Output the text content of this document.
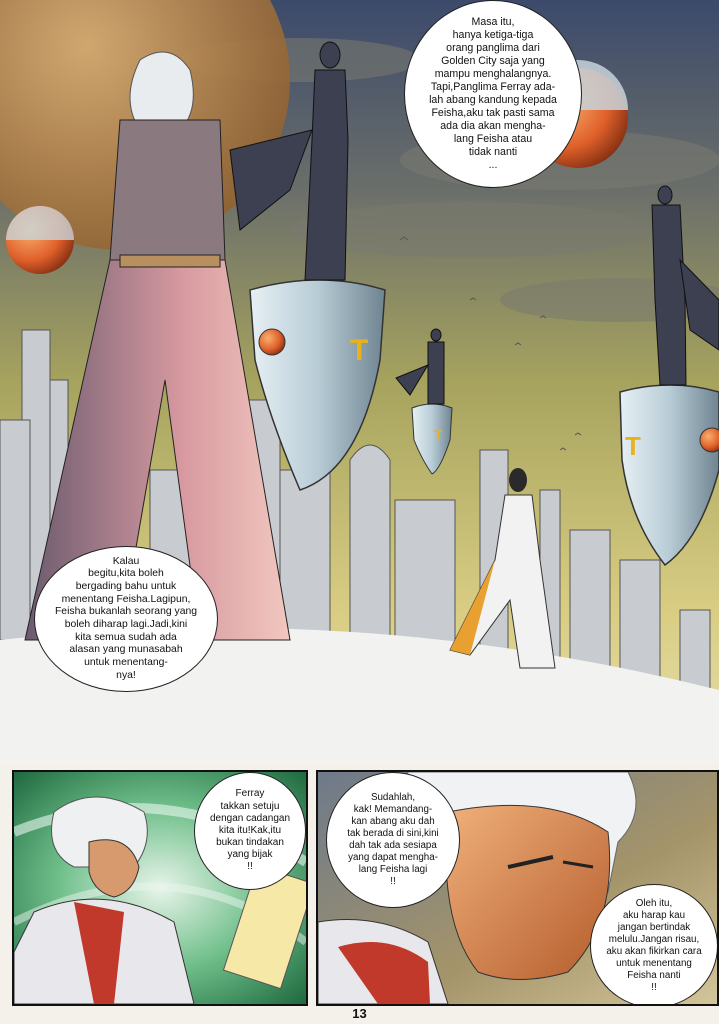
T
T	T
Masa itu,
hanya ketiga-tiga
orang panglima dari
Golden City saja yang
mampu menghalangnya.
Tapi,Panglima Ferray ada-
lah abang kandung kepada
Feisha,aku tak pasti sama
ada dia akan mengha-
lang Feisha atau
tidak nanti
...
Kalau
begitu,kita boleh
bergading bahu untuk
menentang Feisha.Lagipun,
Feisha bukanlah seorang yang
boleh diharap lagi.Jadi,kini
kita semua sudah ada
alasan yang munasabah
untuk menentang-
nya!
Ferray
takkan setuju
dengan cadangan
kita itu!Kak,itu
bukan tindakan
yang bijak
!!
Sudahlah,
kak! Memandang-
kan abang aku dah
tak berada di sini,kini
dah tak ada sesiapa
yang dapat mengha-
lang Feisha lagi
!!
Oleh itu,
aku harap kau
jangan bertindak
melulu.Jangan risau,
aku akan fikirkan cara
untuk menentang
Feisha nanti
!!
13
